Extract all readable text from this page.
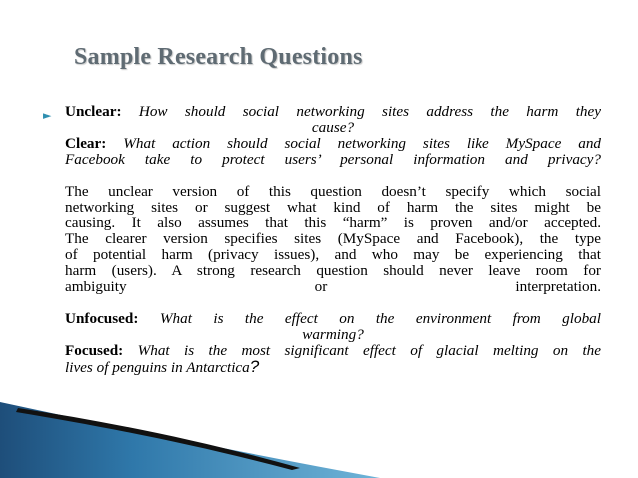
Sample Research Questions
► Unclear: How should social networking sites address the harm they
cause?
Clear: What action should social networking sites like MySpace and
Facebook take to protect users’ personal information and privacy?
The unclear version of this question doesn’t specify which social
networking sites or suggest what kind of harm the sites might be
causing. It also assumes that this “harm” is proven and/or accepted.
The clearer version specifies sites (MySpace and Facebook), the type
of potential harm (privacy issues), and who may be experiencing that
harm (users). A strong research question should never leave room for
ambiguity or interpretation.
Unfocused: What is the effect on the environment from global
warming?
Focused: What is the most significant effect of glacial melting on the
lives of penguins in Antarctica?
